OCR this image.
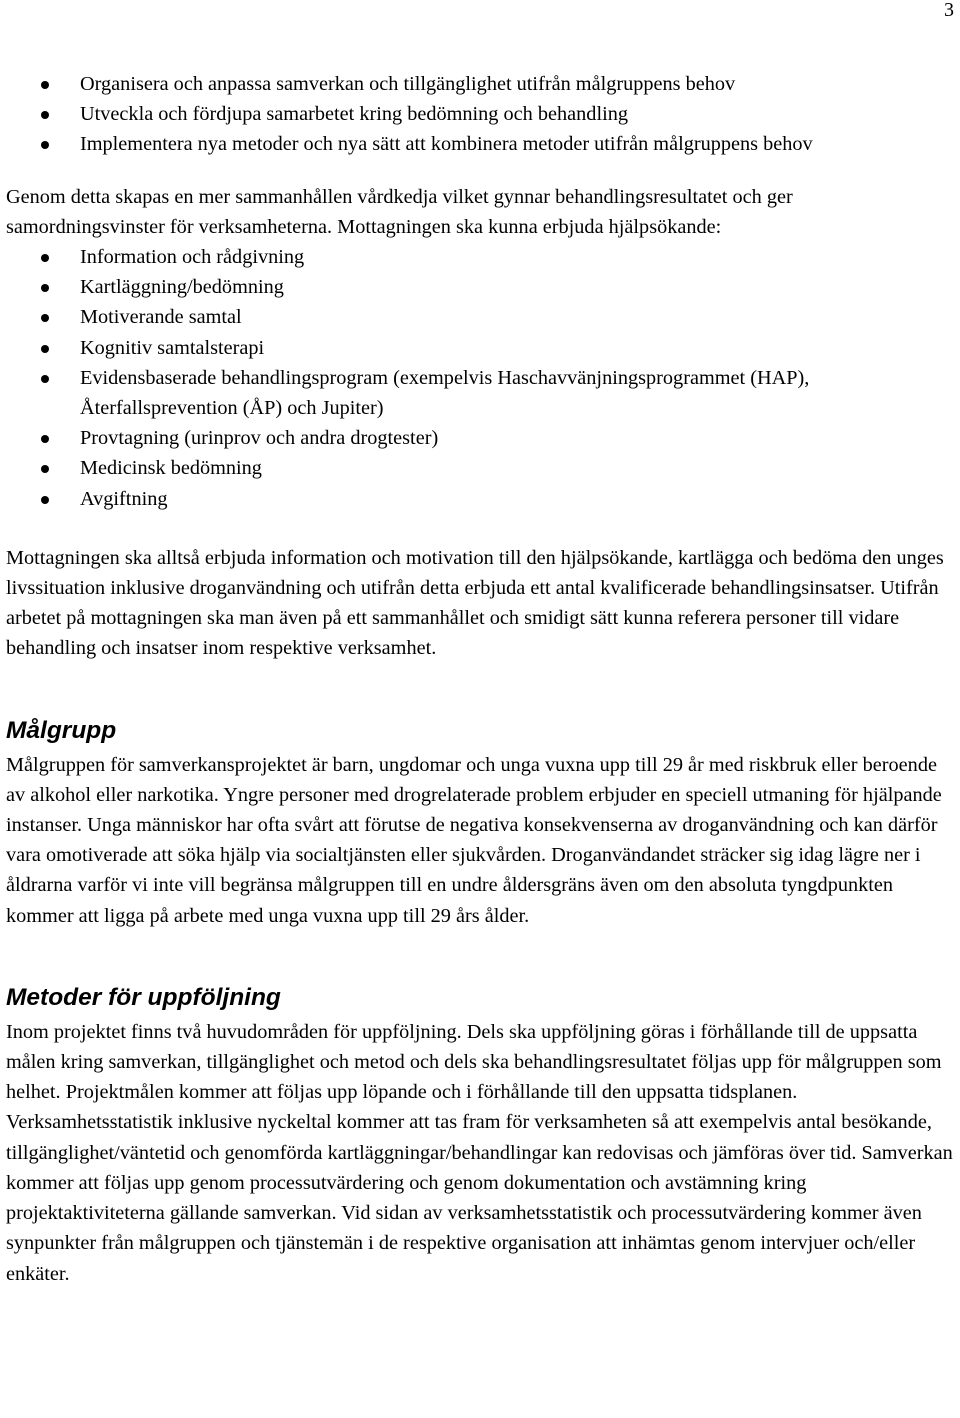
3
Organisera och anpassa samverkan och tillgänglighet utifrån målgruppens behov
Utveckla och fördjupa samarbetet kring bedömning och behandling
Implementera nya metoder och nya sätt att kombinera metoder utifrån målgruppens behov

Genom detta skapas en mer sammanhållen vårdkedja vilket gynnar behandlingsresultatet och ger samordningsvinster för verksamheterna. Mottagningen ska kunna erbjuda hjälpsökande:

Information och rådgivning
Kartläggning/bedömning
Motiverande samtal
Kognitiv samtalsterapi
Evidensbaserade behandlingsprogram (exempelvis Haschavvänjningsprogrammet (HAP), Återfallsprevention (ÅP) och Jupiter)
Provtagning (urinprov och andra drogtester)
Medicinsk bedömning
Avgiftning

Mottagningen ska alltså erbjuda information och motivation till den hjälpsökande, kartlägga och bedöma den unges livssituation inklusive droganvändning och utifrån detta erbjuda ett antal kvalificerade behandlingsinsatser. Utifrån arbetet på mottagningen ska man även på ett sammanhållet och smidigt sätt kunna referera personer till vidare behandling och insatser inom respektive verksamhet.

Målgrupp

Målgruppen för samverkansprojektet är barn, ungdomar och unga vuxna upp till 29 år med riskbruk eller beroende av alkohol eller narkotika. Yngre personer med drogrelaterade problem erbjuder en speciell utmaning för hjälpande instanser. Unga människor har ofta svårt att förutse de negativa konsekvenserna av droganvändning och kan därför vara omotiverade att söka hjälp via socialtjänsten eller sjukvården. Droganvändandet sträcker sig idag lägre ner i åldrarna varför vi inte vill begränsa målgruppen till en undre åldersgräns även om den absoluta tyngdpunkten kommer att ligga på arbete med unga vuxna upp till 29 års ålder.

Metoder för uppföljning

Inom projektet finns två huvudområden för uppföljning. Dels ska uppföljning göras i förhållande till de uppsatta målen kring samverkan, tillgänglighet och metod och dels ska behandlingsresultatet följas upp för målgruppen som helhet. Projektmålen kommer att följas upp löpande och i förhållande till den uppsatta tidsplanen. Verksamhetsstatistik inklusive nyckeltal kommer att tas fram för verksamheten så att exempelvis antal besökande, tillgänglighet/väntetid och genomförda kartläggningar/behandlingar kan redovisas och jämföras över tid. Samverkan kommer att följas upp genom processutvärdering och genom dokumentation och avstämning kring projektaktiviteterna gällande samverkan. Vid sidan av verksamhetsstatistik och processutvärdering kommer även synpunkter från målgruppen och tjänstemän i de respektive organisation att inhämtas genom intervjuer och/eller enkäter.
